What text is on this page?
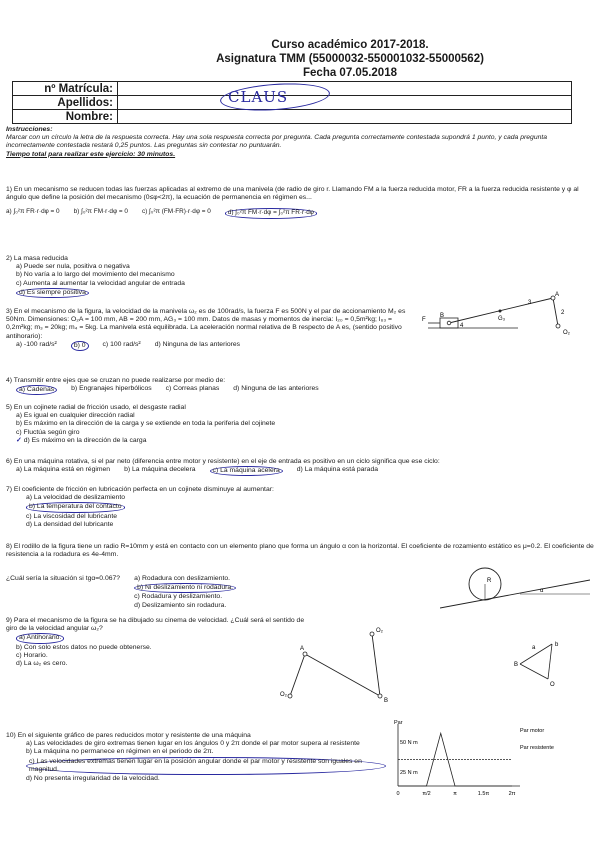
Curso académico 2017-2018.
Asignatura TMM (55000032-550001032-55000562)
Fecha 07.05.2018
nº Matrícula:	
Apellidos:	
Nombre:	
CLAUS
Instrucciones:
Marcar con un círculo la letra de la respuesta correcta. Hay una sola respuesta correcta por pregunta. Cada pregunta correctamente contestada supondrá 1 punto, y cada pregunta incorrectamente contestada restará 0,25 puntos. Las preguntas sin contestar no puntuarán.
Tiempo total para realizar este ejercicio: 30 minutos.
1) En un mecanismo se reducen todas las fuerzas aplicadas al extremo de una manivela (de radio de giro r. Llamando FM a la fuerza reducida motor, FR a la fuerza reducida resistente y φ al ángulo que define la posición del mecanismo (0≤φ<2π), la ecuación de permanencia en régimen es...
a) ∫₀²π FR·r·dφ = 0 b) ∫₀²π FM·r·dφ = 0 c) ∫₀²π (FM·FR)·r·dφ = 0	d) ∫₀²π FM·r·dφ = ∫₀²π FR·r·dφ
2) La masa reducida
a) Puede ser nula, positiva o negativa
b) No varía a lo largo del movimiento del mecanismo
c) Aumenta al aumentar la velocidad angular de entrada
d) Es siempre positiva
3) En el mecanismo de la figura, la velocidad de la manivela ω₂ es de 100rad/s, la fuerza F es 500N y el par de accionamiento M₂ es 50Nm. Dimensiones: O₂A = 100 mm, AB = 200 mm, AG₃ = 100 mm. Datos de masas y momentos de inercia: I₂₀ = 0,5m²kg; I₆₃ = 0,2m²kg; m₃ = 20kg; m₄ = 5kg. La manivela está equilibrada. La aceleración normal relativa de B respecto de A es, (sentido positivo antihorario):
a) -100 rad/s²	b) 0	c) 100 rad/s² d) Ninguna de las anteriores
A
O₂
F
B
4
G₃
3
2
4) Transmitir entre ejes que se cruzan no puede realizarse por medio de:
a) Cadenas	b) Engranajes hiperbólicos c) Correas planas d) Ninguna de las anteriores
5) En un cojinete radial de fricción usado, el desgaste radial
a) Es igual en cualquier dirección radial
b) Es máximo en la dirección de la carga y se extiende en toda la periferia del cojinete
c) Fluctúa según giro
✓ d) Es máximo en la dirección de la carga
6) En una máquina rotativa, si el par neto (diferencia entre motor y resistente) en el eje de entrada es positivo en un ciclo significa que ese ciclo:
a) La máquina está en régimen b) La máquina decelera	c) La máquina acelera	d) La máquina está parada
7) El coeficiente de fricción en lubricación perfecta en un cojinete disminuye al aumentar:
a) La velocidad de deslizamiento
b) La temperatura del contacto
c) La viscosidad del lubricante
d) La densidad del lubricante
8) El rodillo de la figura tiene un radio R=10mm y está en contacto con un elemento plano que forma un ángulo α con la horizontal. El coeficiente de rozamiento estático es μ=0.2. El coeficiente de resistencia a la rodadura es 4e-4mm.
¿Cuál sería la situación si tgα=0.067? a) Rodadura con deslizamiento.
b) Ni deslizamiento ni rodadura.
c) Rodadura y deslizamiento.
d) Deslizamiento sin rodadura.
R
α
9) Para el mecanismo de la figura se ha dibujado su cinema de velocidad. ¿Cuál será el sentido de giro de la velocidad angular ω₂?
a) Antihorario.
b) Con solo estos datos no puede obtenerse.
c) Horario.
d) La ω₂ es cero.
O₂
A
O₂
B
B
O
b
a
10) En el siguiente gráfico de pares reducidos motor y resistente de una máquina
a) Las velocidades de giro extremas tienen lugar en los ángulos 0 y 2π donde el par motor supera al resistente
b) La máquina no permanece en régimen en el periodo de 2π.
c) Las velocidades extremas tienen lugar en la posición angular donde el par motor y resistente son iguales en magnitud.
d) No presenta irregularidad de la velocidad.
Par
50 N m
25 N m
Par motor
Par resistente
0	π/2	π	1.5π	2π
